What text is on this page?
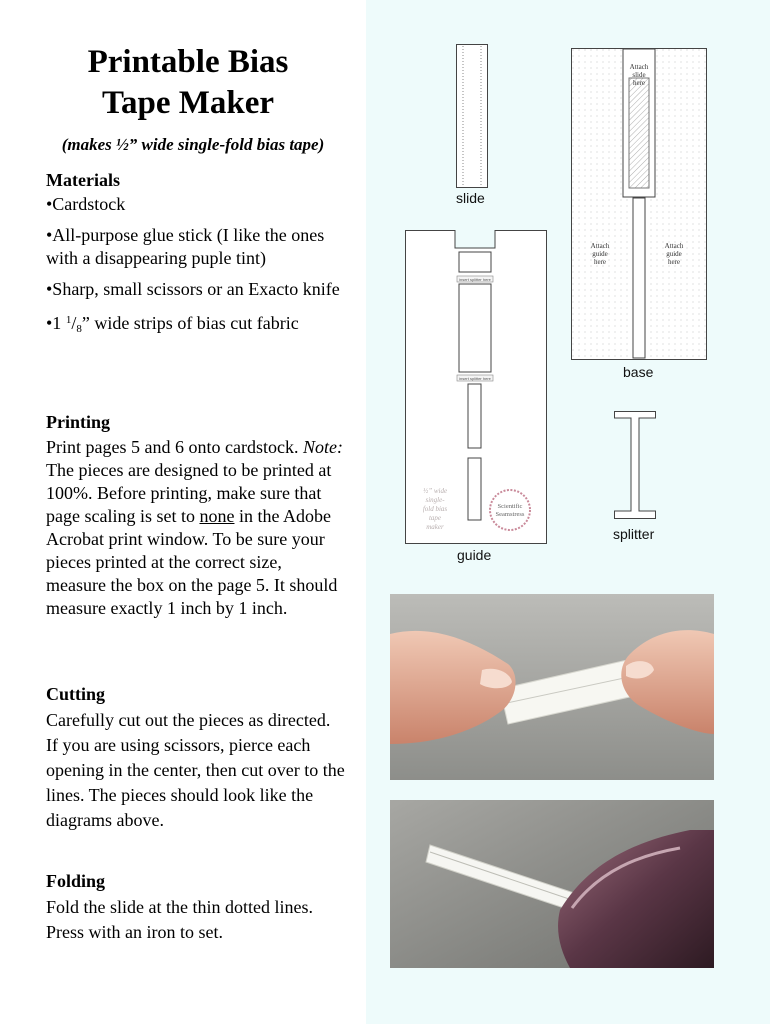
Printable Bias
Tape Maker
(makes ½” wide single-fold bias tape)
Materials
•Cardstock
•All-purpose glue stick (I like the ones with a disappearing puple tint)
•Sharp, small scissors or an Exacto knife
•1 $^1/_8$” wide strips of bias cut fabric
Printing
Print pages 5 and 6 onto cardstock. Note: The pieces are designed to be printed at 100%. Before printing, make sure that page scaling is set to none in the Adobe Acrobat print window. To be sure your pieces printed at the correct size, measure the box on the page 5. It should measure exactly 1 inch by 1 inch.
Cutting
Carefully cut out the pieces as directed. If you are using scissors, pierce each opening in the center, then cut over to the lines. The pieces should look like the diagrams above.
Folding
Fold the slide at the thin dotted lines. Press with an iron to set.
slide
Attach
slide
here
Attach
guide
here
Attach
guide
here
base
insert splitter here
insert splitter here
½” wide
single-
fold bias
tape
maker
Scientific
Seamstress
guide
splitter
